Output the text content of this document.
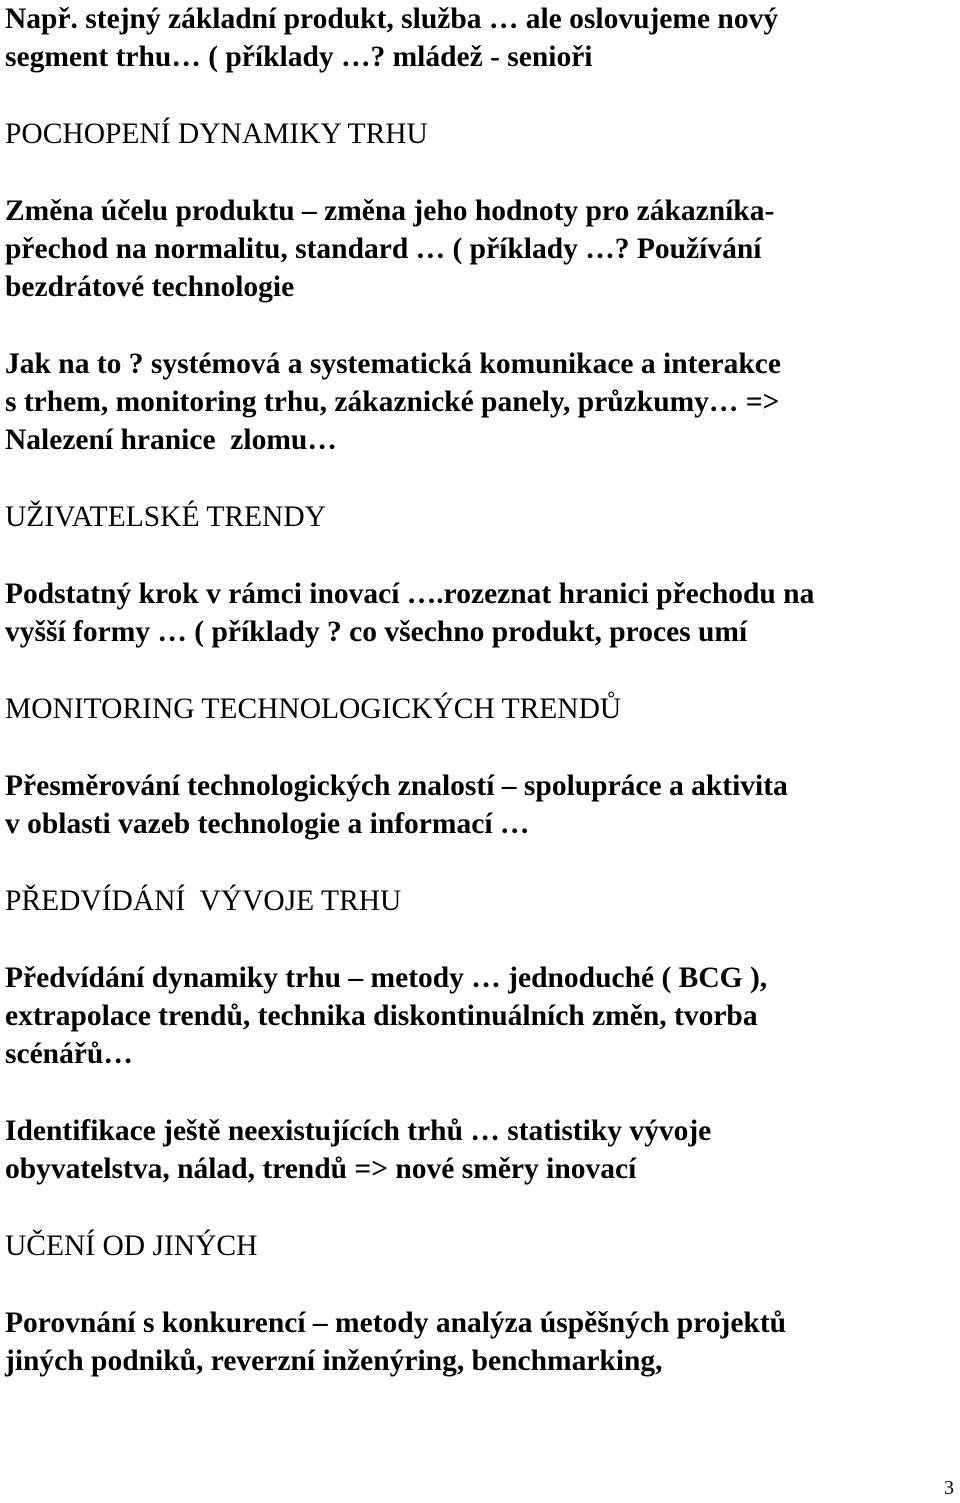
Např. stejný základní produkt, služba … ale oslovujeme nový
segment trhu… ( příklady …? mládež - senioři
POCHOPENÍ DYNAMIKY TRHU
Změna účelu produktu – změna jeho hodnoty pro zákazníka-
přechod na normalitu, standard … ( příklady …? Používání
bezdrátové technologie
Jak na to ? systémová a systematická komunikace a interakce
s trhem, monitoring trhu, zákaznické panely, průzkumy… =>
Nalezení hranice  zlomu…
UŽIVATELSKÉ TRENDY
Podstatný krok v rámci inovací ….rozeznat hranici přechodu na
vyšší formy … ( příklady ? co všechno produkt, proces umí
MONITORING TECHNOLOGICKÝCH TRENDŮ
Přesměrování technologických znalostí – spolupráce a aktivita
v oblasti vazeb technologie a informací …
PŘEDVÍDÁNÍ  VÝVOJE TRHU
Předvídání dynamiky trhu – metody … jednoduché ( BCG ),
extrapolace trendů, technika diskontinuálních změn, tvorba
scénářů…
Identifikace ještě neexistujících trhů … statistiky vývoje
obyvatelstva, nálad, trendů => nové směry inovací
UČENÍ OD JINÝCH
Porovnání s konkurencí – metody analýza úspěšných projektů
jiných podniků, reverzní inženýring, benchmarking,
3
